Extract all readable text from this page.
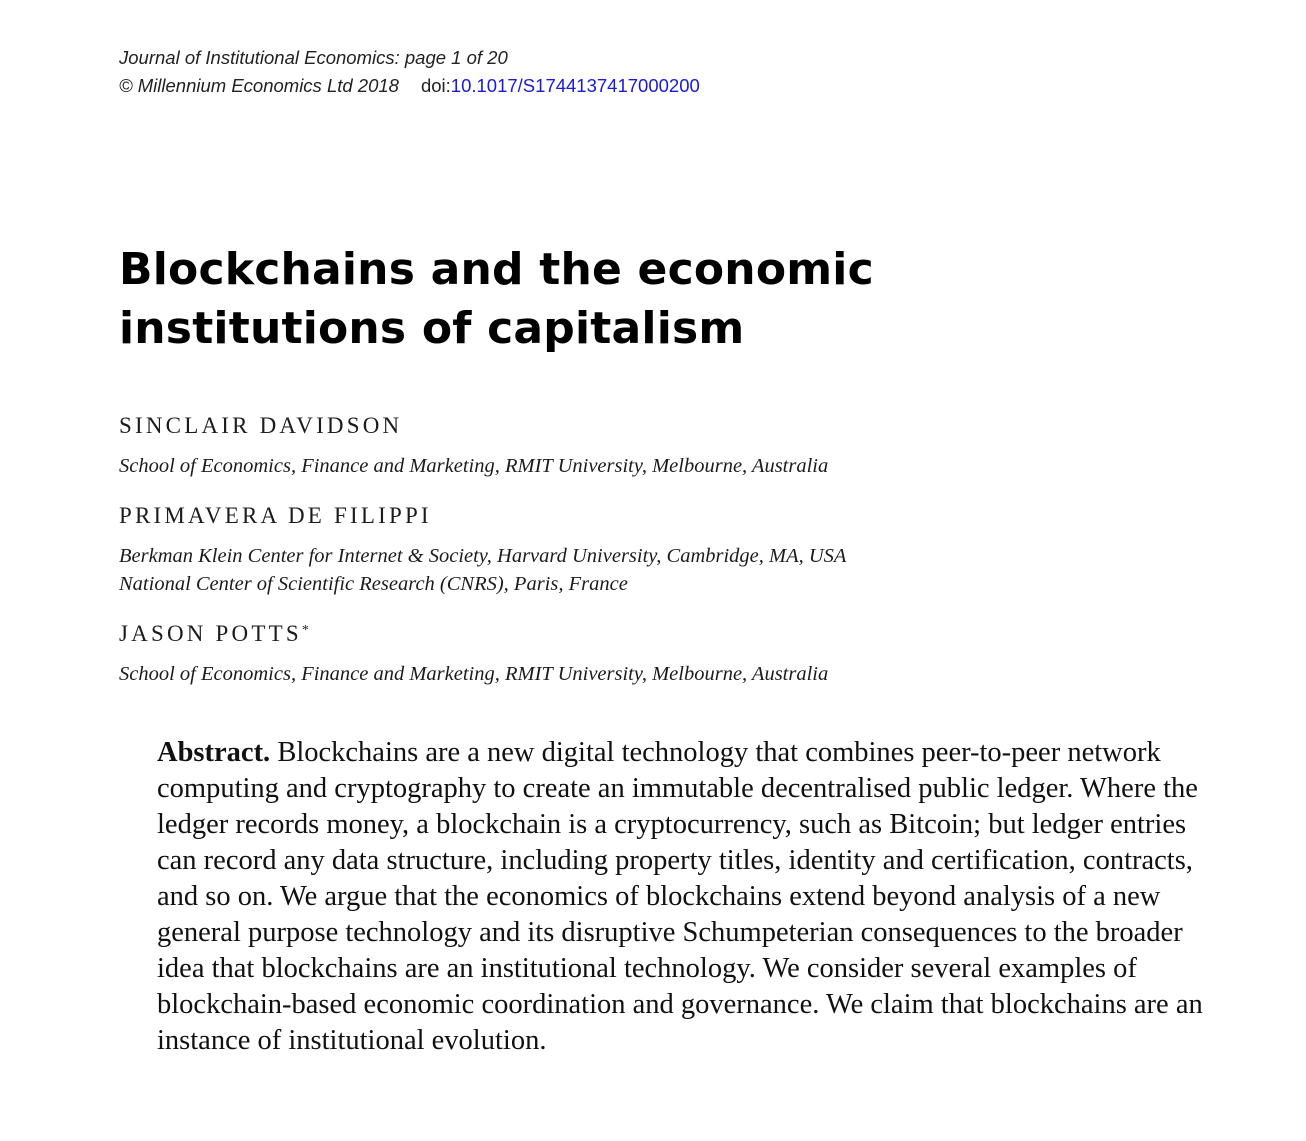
Journal of Institutional Economics: page 1 of 20
© Millennium Economics Ltd 2018 doi:10.1017/S1744137417000200
Blockchains and the economic
institutions of capitalism
SINCLAIR DAVIDSON
School of Economics, Finance and Marketing, RMIT University, Melbourne, Australia
PRIMAVERA DE FILIPPI
Berkman Klein Center for Internet & Society, Harvard University, Cambridge, MA, USA
National Center of Scientific Research (CNRS), Paris, France
JASON POTTS*
School of Economics, Finance and Marketing, RMIT University, Melbourne, Australia

Abstract. Blockchains are a new digital technology that combines peer-to-peer network computing and cryptography to create an immutable decentralised public ledger. Where the ledger records money, a blockchain is a cryptocurrency, such as Bitcoin; but ledger entries can record any data structure, including property titles, identity and certification, contracts, and so on. We argue that the economics of blockchains extend beyond analysis of a new general purpose technology and its disruptive Schumpeterian consequences to the broader idea that blockchains are an institutional technology. We consider several examples of blockchain-based economic coordination and governance. We claim that blockchains are an instance of institutional evolution.
